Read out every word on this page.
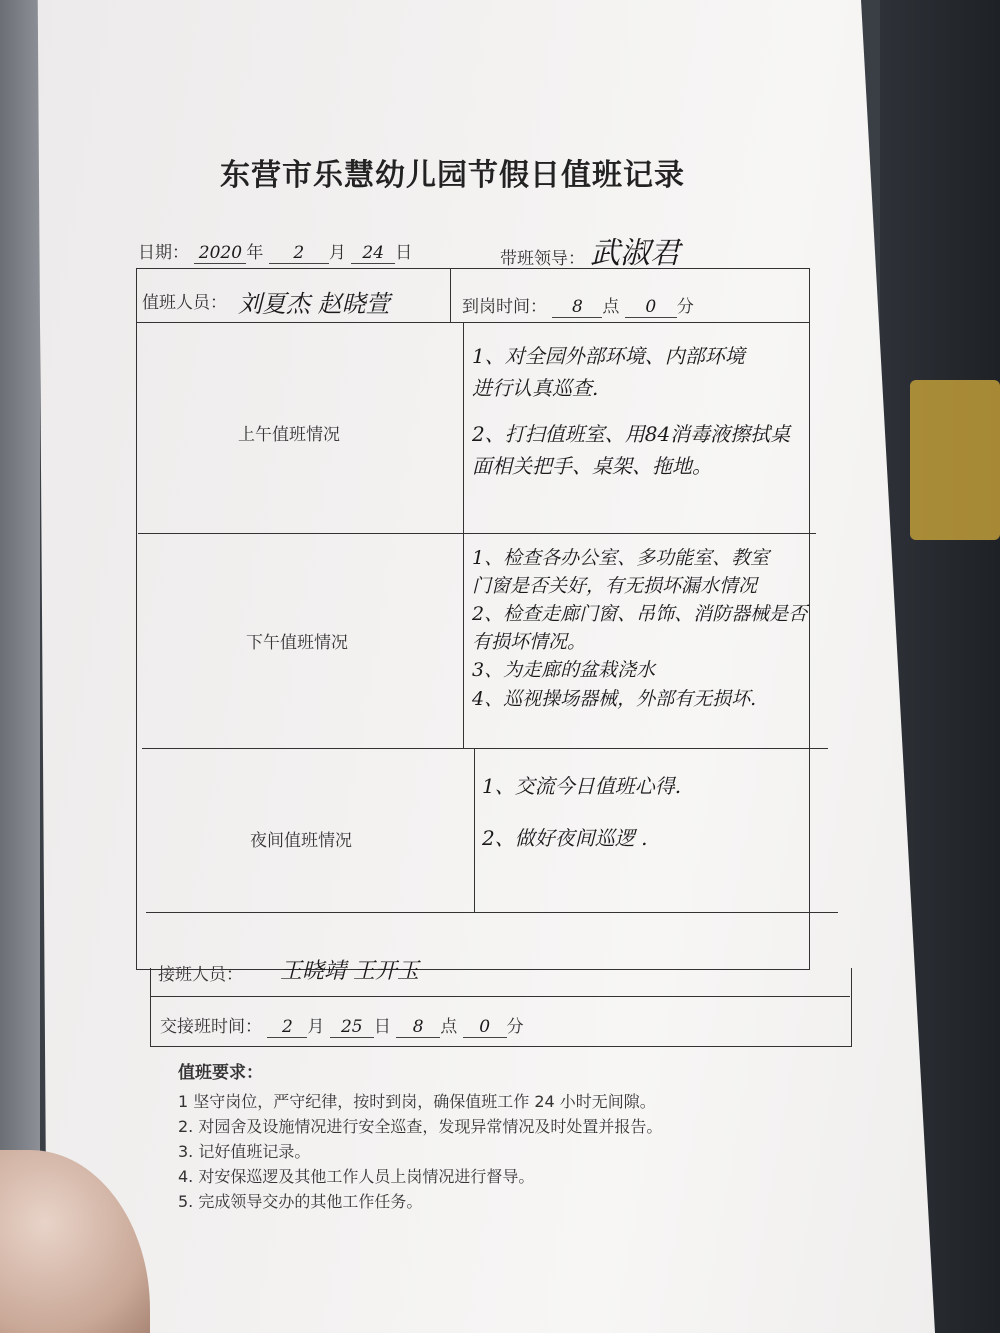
东营市乐慧幼儿园节假日值班记录
日期： 2020 年 2 月 24 日	带班领导： 武淑君
值班人员： 刘夏杰 赵晓萱	到岗时间： 8 点 0 分
上午值班情况
1、对全园外部环境、内部环境
进行认真巡查.
2、打扫值班室、用84消毒液擦拭桌
面相关把手、桌架、拖地。
下午值班情况
1、检查各办公室、多功能室、教室
门窗是否关好，有无损坏漏水情况
2、检查走廊门窗、吊饰、消防器械是否
有损坏情况。
3、为走廊的盆栽浇水
4、巡视操场器械，外部有无损坏.
夜间值班情况
1、交流今日值班心得.
2、做好夜间巡逻 .
接班人员： 王晓靖 王开玉
交接班时间： 2 月 25 日 8 点 0 分
值班要求：
1 坚守岗位，严守纪律，按时到岗，确保值班工作 24 小时无间隙。
2. 对园舍及设施情况进行安全巡查，发现异常情况及时处置并报告。
3. 记好值班记录。
4. 对安保巡逻及其他工作人员上岗情况进行督导。
5. 完成领导交办的其他工作任务。
